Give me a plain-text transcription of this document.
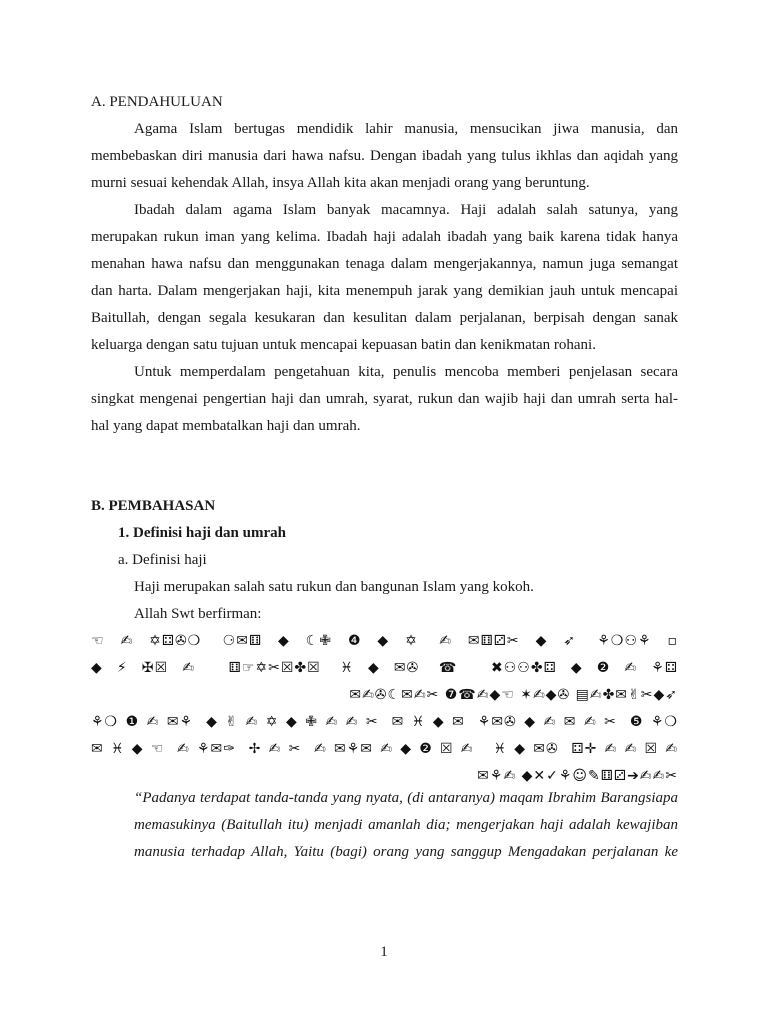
A. PENDAHULUAN
Agama Islam bertugas mendidik lahir manusia, mensucikan jiwa manusia, dan
membebaskan diri manusia dari hawa nafsu. Dengan ibadah yang tulus ikhlas dan aqidah yang
murni sesuai kehendak Allah, insya Allah kita akan menjadi orang yang beruntung.
Ibadah dalam agama Islam banyak macamnya. Haji adalah salah satunya, yang
merupakan rukun iman yang kelima. Ibadah haji adalah ibadah yang baik karena tidak hanya
menahan hawa nafsu dan menggunakan tenaga dalam mengerjakannya, namun juga semangat
dan harta. Dalam mengerjakan haji, kita menempuh jarak yang demikian jauh untuk mencapai
Baitullah, dengan segala kesukaran dan kesulitan dalam perjalanan, berpisah dengan sanak
keluarga dengan satu tujuan untuk mencapai kepuasan batin dan kenikmatan rohani.
Untuk memperdalam pengetahuan kita, penulis mencoba memberi penjelasan secara
singkat mengenai pengertian haji dan umrah, syarat, rukun dan wajib haji dan umrah serta hal-
hal yang dapat membatalkan haji dan umrah.
B. PEMBAHASAN
1. Definisi haji dan umrah
a. Definisi haji
Haji merupakan salah satu rukun dan bangunan Islam yang kokoh.
Allah Swt berfirman:
☜✍✡⚃✇❍ ⚆✉⚅◆☾✙❹◆✡ ✍✉⚅⚂✂◆➶ ⚘❍⚇⚘▫
◆⚡✠☒✍ ⚅☞✡✂☒✤☒ ♓◆✉✇ ☎ ✖⚇⚇✤⚃◆❷✍⚘⚃
✉✍✇☾✉✍✂ ❼☎✍◆☜ ✶✍◆✇ ▤✍✤✉✌✂◆➶
⚘❍❶✍✉⚘ ◆✌✍✡◆✙✍✍✂ ✉♓◆✉ ⚘✉✇◆✍✉✍✂ ❺⚘❍
✉♓◆☜ ✍⚘✉✑ ✢✍✂ ✍✉⚘✉✍◆❷☒✍ ♓◆✉✇ ⚃✛✍✍☒✍
✉⚘✍ ◆✕✓⚘☺✎⚅⚂➔✍✍✂
“Padanya terdapat tanda-tanda yang nyata, (di antaranya) maqam Ibrahim Barangsiapa
memasukinya (Baitullah itu) menjadi amanlah dia; mengerjakan haji adalah kewajiban
manusia terhadap Allah, Yaitu (bagi) orang yang sanggup Mengadakan perjalanan ke
1
